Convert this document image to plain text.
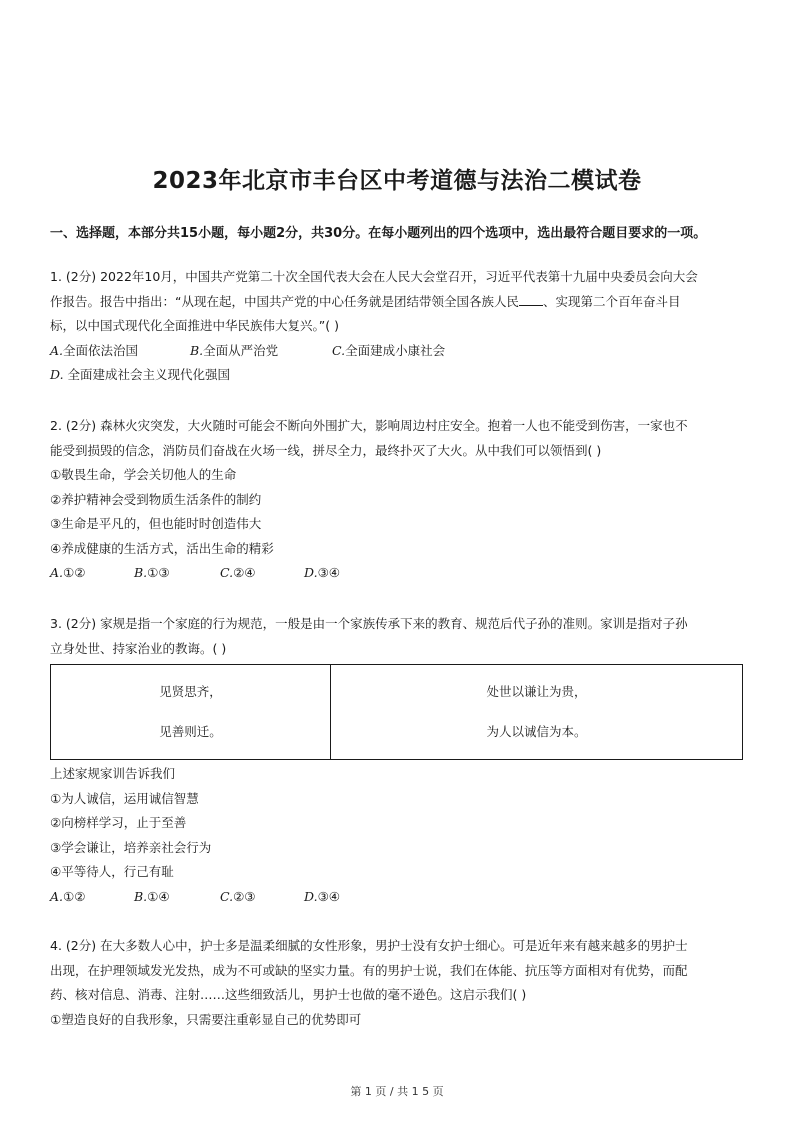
2023年北京市丰台区中考道德与法治二模试卷
一、选择题，本部分共15小题，每小题2分，共30分。在每小题列出的四个选项中，选出最符合题目要求的一项。

1. (2分) 2022年10月，中国共产党第二十次全国代表大会在人民大会堂召开，习近平代表第十九届中央委员会向大会

作报告。报告中指出：“从现在起，中国共产党的中心任务就是团结带领全国各族人民 、实现第二个百年奋斗目

标，以中国式现代化全面推进中华民族伟大复兴。”( )

A.全面依法治国	B.全面从严治党	C.全面建成小康社会

D. 全面建成社会主义现代化强国

2. (2分) 森林火灾突发，大火随时可能会不断向外围扩大，影响周边村庄安全。抱着一人也不能受到伤害，一家也不

能受到损毁的信念，消防员们奋战在火场一线，拼尽全力，最终扑灭了大火。从中我们可以领悟到( )

①敬畏生命，学会关切他人的生命

②养护精神会受到物质生活条件的制约

③生命是平凡的，但也能时时创造伟大

④养成健康的生活方式，活出生命的精彩

A.①②	B.①③	C.②④	D.③④

3. (2分) 家规是指一个家庭的行为规范，一般是由一个家族传承下来的教育、规范后代子孙的准则。家训是指对子孙

立身处世、持家治业的教诲。( )

见贤思齐，
见善则迁。

处世以谦让为贵，
为人以诚信为本。

上述家规家训告诉我们

①为人诚信，运用诚信智慧

②向榜样学习，止于至善

③学会谦让，培养亲社会行为

④平等待人，行己有耻

A.①②	B.①④	C.②③	D.③④

4. (2分) 在大多数人心中，护士多是温柔细腻的女性形象，男护士没有女护士细心。可是近年来有越来越多的男护士

出现，在护理领域发光发热，成为不可或缺的坚实力量。有的男护士说，我们在体能、抗压等方面相对有优势，而配

药、核对信息、消毒、注射……这些细致活儿，男护士也做的毫不逊色。这启示我们( )

①塑造良好的自我形象，只需要注重彰显自己的优势即可

第 1 页 / 共 1 5 页
